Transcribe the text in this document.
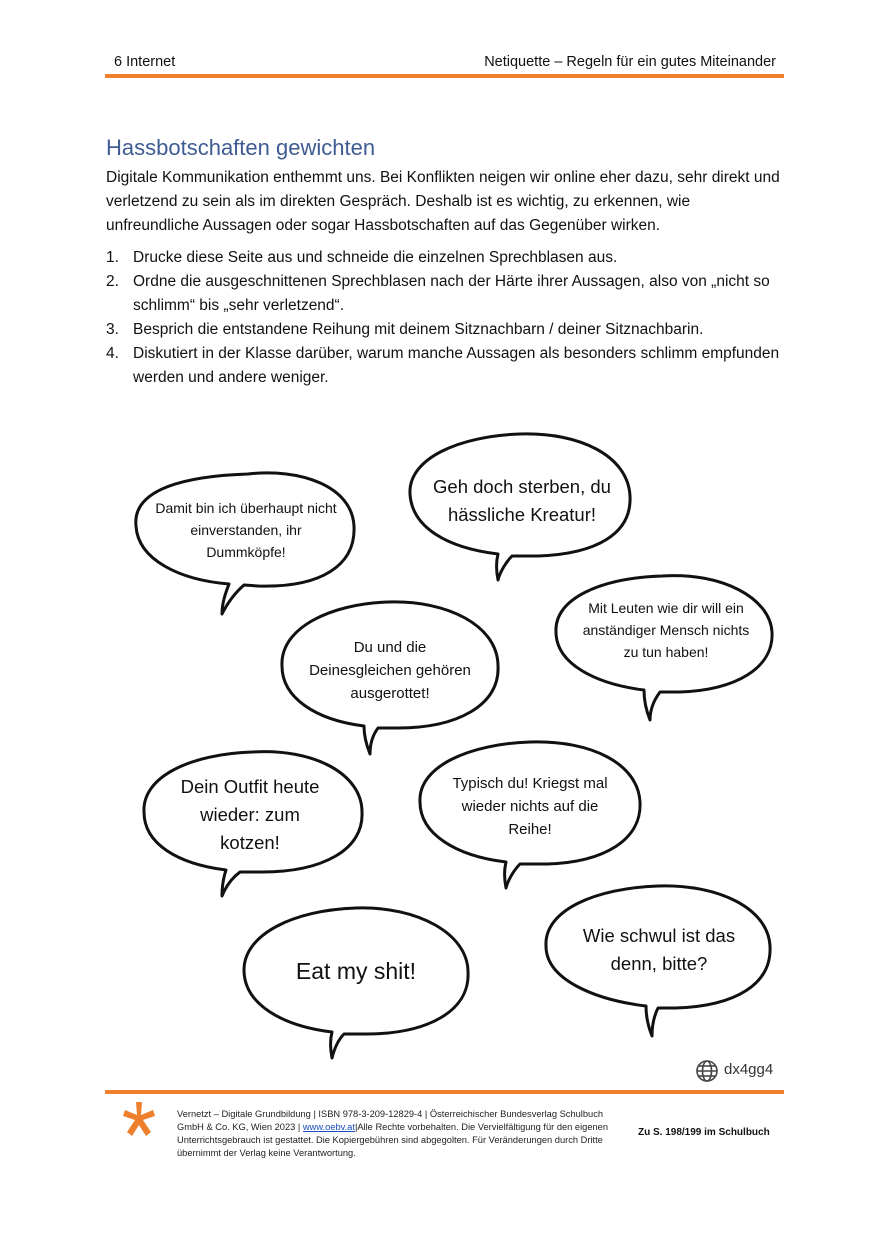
6 Internet	Netiquette – Regeln für ein gutes Miteinander
Hassbotschaften gewichten

Digitale Kommunikation enthemmt uns. Bei Konflikten neigen wir online eher dazu, sehr direkt und verletzend zu sein als im direkten Gespräch. Deshalb ist es wichtig, zu erkennen, wie unfreundliche Aussagen oder sogar Hassbotschaften auf das Gegenüber wirken.

1. Drucke diese Seite aus und schneide die einzelnen Sprechblasen aus.
2. Ordne die ausgeschnittenen Sprechblasen nach der Härte ihrer Aussagen, also von „nicht so schlimm“ bis „sehr verletzend“.
3. Besprich die entstandene Reihung mit deinem Sitznachbarn / deiner Sitznachbarin.
4. Diskutiert in der Klasse darüber, warum manche Aussagen als besonders schlimm empfunden werden und andere weniger.
Damit bin ich überhaupt nicht einverstanden, ihr Dummköpfe!
Geh doch sterben, du hässliche Kreatur!
Mit Leuten wie dir will ein anständiger Mensch nichts zu tun haben!
Du und die Deinesgleichen gehören ausgerottet!
Dein Outfit heute wieder: zum kotzen!
Typisch du! Kriegst mal wieder nichts auf die Reihe!
Eat my shit!
Wie schwul ist das denn, bitte?
dx4gg4
Vernetzt – Digitale Grundbildung | ISBN 978-3-209-12829-4 | Österreichischer Bundesverlag Schulbuch GmbH & Co. KG, Wien 2023 | www.oebv.at|Alle Rechte vorbehalten. Die Vervielfältigung für den eigenen Unterrichtsgebrauch ist gestattet. Die Kopiergebühren sind abgegolten. Für Veränderungen durch Dritte übernimmt der Verlag keine Verantwortung.
Zu S. 198/199 im Schulbuch
